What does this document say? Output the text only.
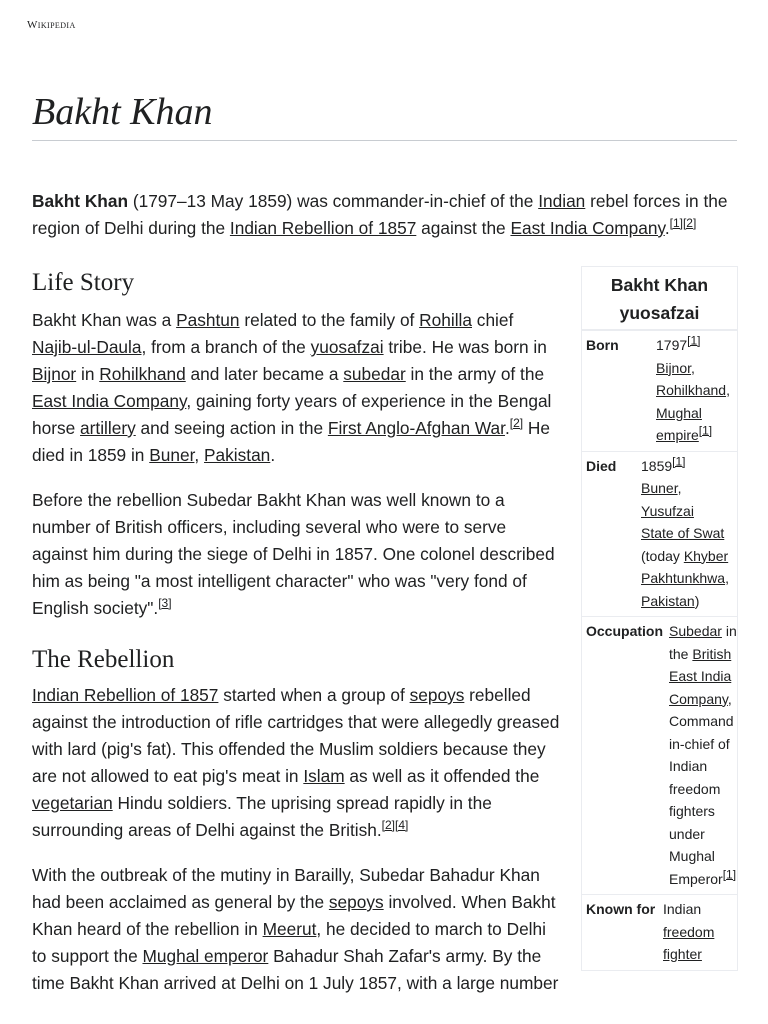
Wikipedia
Bakht Khan

Bakht Khan (1797–13 May 1859) was commander-in-chief of the Indian rebel forces in the region of Delhi during the Indian Rebellion of 1857 against the East India Company.[1][2]

Life Story

Bakht Khan was a Pashtun related to the family of Rohilla chief Najib-ul-Daula, from a branch of the yuosafzai tribe. He was born in Bijnor in Rohilkhand and later became a subedar in the army of the East India Company, gaining forty years of experience in the Bengal horse artillery and seeing action in the First Anglo-Afghan War.[2] He died in 1859 in Buner, Pakistan.

Before the rebellion Subedar Bakht Khan was well known to a number of British officers, including several who were to serve against him during the siege of Delhi in 1857. One colonel described him as being "a most intelligent character" who was "very fond of English society".[3]

The Rebellion

Indian Rebellion of 1857 started when a group of sepoys rebelled against the introduction of rifle cartridges that were allegedly greased with lard (pig's fat). This offended the Muslim soldiers because they are not allowed to eat pig's meat in Islam as well as it offended the vegetarian Hindu soldiers. The uprising spread rapidly in the surrounding areas of Delhi against the British.[2][4]

With the outbreak of the mutiny in Barailly, Subedar Bahadur Khan had been acclaimed as general by the sepoys involved. When Bakht Khan heard of the rebellion in Meerut, he decided to march to Delhi to support the Mughal emperor Bahadur Shah Zafar's army. By the time Bakht Khan arrived at Delhi on 1 July 1857, with a large number

Bakht Khan yuosafzai
Born	1797[1]
Bijnor,
Rohilkhand,
Mughal
empire[1]
Died	1859[1]
Buner,
Yusufzai
State of Swat
(today Khyber
Pakhtunkhwa,
Pakistan)
Occupation Subedar in
the British
East India
Company,
Command
in-chief of
Indian
freedom
fighters
under
Mughal
Emperor[1]
Known for Indian
freedom
fighter
